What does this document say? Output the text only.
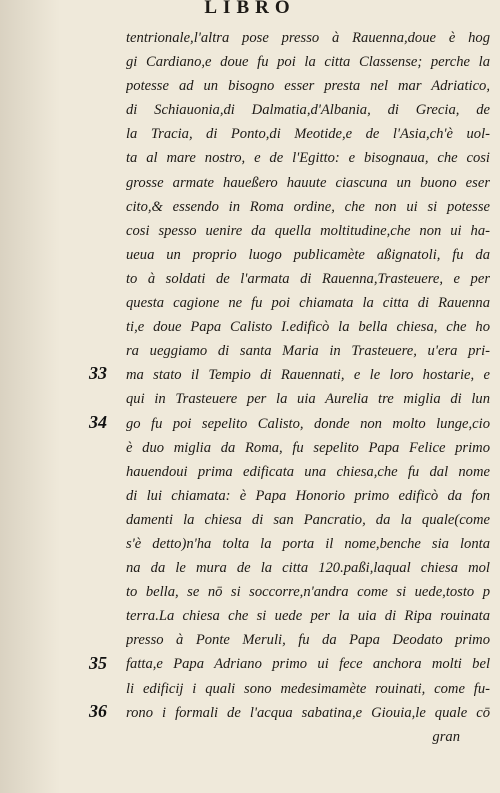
LIBRO
tentrionale,l'altra pose presso à Rauenna,doue è hog
gi Cardiano,e doue fu poi la citta Classense; perche la
potesse ad un bisogno esser presta nel mar Adriatico,
di Schiauonia,di Dalmatia,d'Albania, di Grecia, de
la Tracia, di Ponto,di Meotide,e de l'Asia,ch'è uol-
ta al mare nostro, e de l'Egitto: e bisognaua, che cosi
grosse armate haueßero hauute ciascuna un buono eser
cito,& essendo in Roma ordine, che non ui si potesse
cosi spesso uenire da quella moltitudine,che non ui ha-
ueua un proprio luogo publicamète aßignatoli, fu da
to à soldati de l'armata di Rauenna,Trasteuere, e per
questa cagione ne fu poi chiamata la citta di Rauenna
ti,e doue Papa Calisto I.edificò la bella chiesa, che ho
ra ueggiamo di santa Maria in Trasteuere, u'era pri-
ma stato il Tempio di Rauennati, e le loro hostarie, e
qui in Trasteuere per la uia Aurelia tre miglia di lun
go fu poi sepelito Calisto, donde non molto lunge,cio
è duo miglia da Roma, fu sepelito Papa Felice primo
hauendoui prima edificata una chiesa,che fu dal nome
di lui chiamata: è Papa Honorio primo edificò da fon
damenti la chiesa di san Pancratio, da la quale(come
s'è detto)n'ha tolta la porta il nome,benche sia lonta
na da le mura de la citta 120.paßi,laqual chiesa mol
to bella, se nō si soccorre,n'andra come si uede,tosto p
terra.La chiesa che si uede per la uia di Ripa rouinata
presso à Ponte Meruli, fu da Papa Deodato primo
fatta,e Papa Adriano primo ui fece anchora molti bel
li edificij i quali sono medesimamète rouinati, come fu-
rono i formali de l'acqua sabatina,e Giouia,le quale cō
gran
33
34
35
36
